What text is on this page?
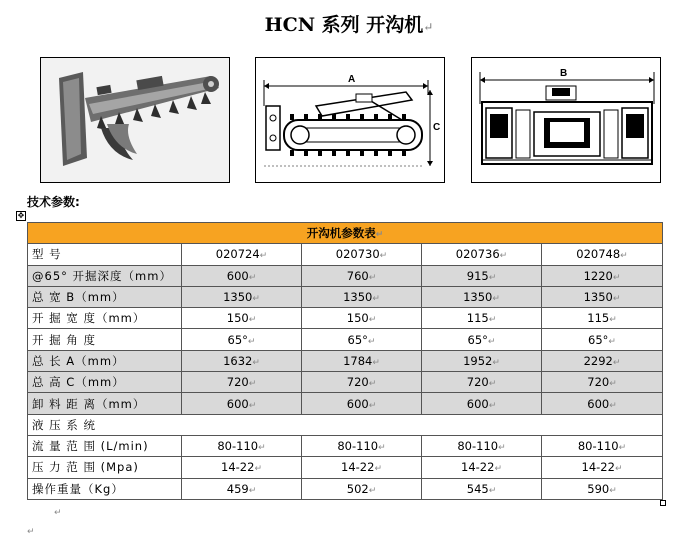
HCN 系列 开沟机↵
A
C
B
技术参数:
✥
开沟机参数表↵				
型 号	020724↵	020730↵	020736↵	020748↵
@65° 开掘深度（mm）	600↵	760↵	915↵	1220↵
总 宽 B（mm）	1350↵	1350↵	1350↵	1350↵
开 掘 宽 度（mm）	150↵	150↵	115↵	115↵
开 掘 角 度	65°↵	65°↵	65°↵	65°↵
总 长 A（mm）	1632↵	1784↵	1952↵	2292↵
总 高 C（mm）	720↵	720↵	720↵	720↵
卸 料 距 离（mm）	600↵	600↵	600↵	600↵
液 压 系 统				
流 量 范 围 (L/min)	80-110↵	80-110↵	80-110↵	80-110↵
压 力 范 围 (Mpa)	14-22↵	14-22↵	14-22↵	14-22↵
操作重量（Kg）	459↵	502↵	545↵	590↵
↵
↵
